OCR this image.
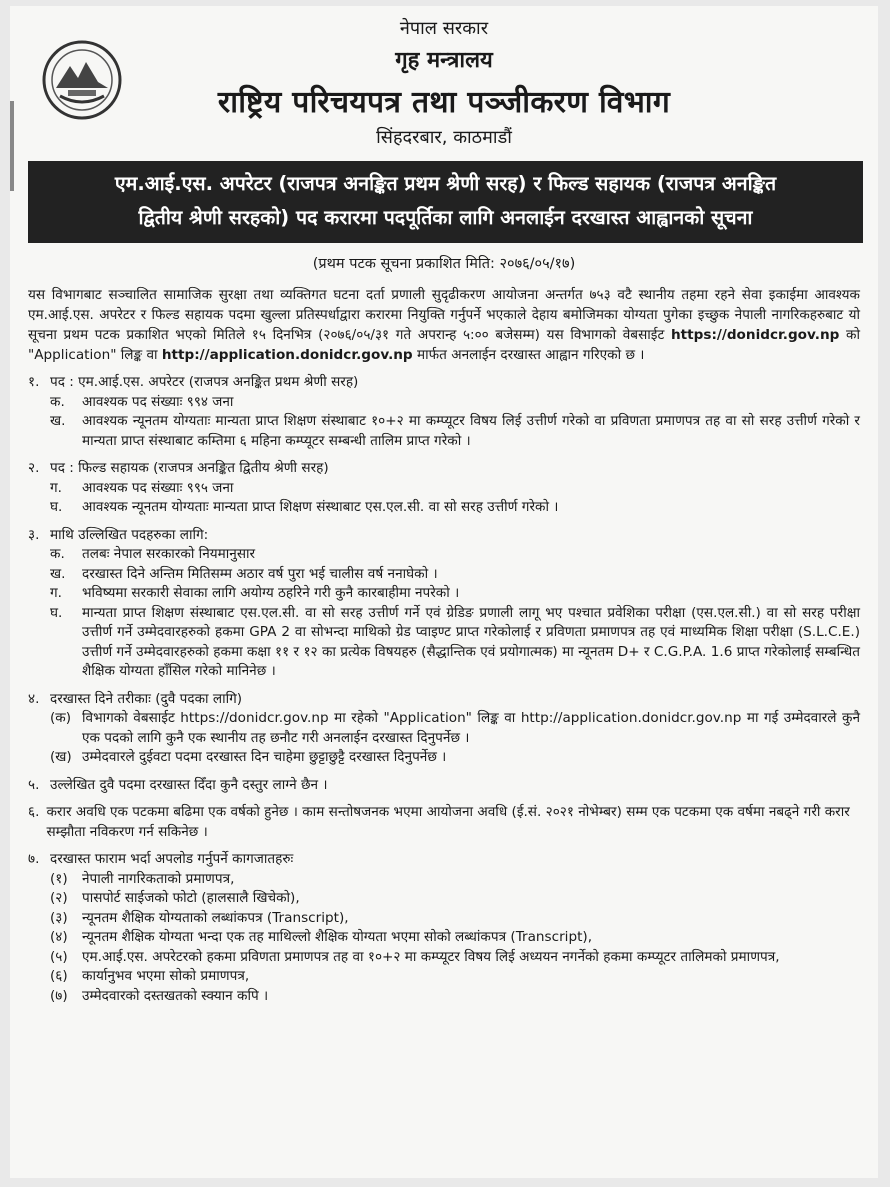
नेपाल सरकार
गृह मन्त्रालय
राष्ट्रिय परिचयपत्र तथा पञ्जीकरण विभाग
सिंहदरबार, काठमाडौं
एम.आई.एस. अपरेटर (राजपत्र अनङ्कित प्रथम श्रेणी सरह) र फिल्ड सहायक (राजपत्र अनङ्कित
द्वितीय श्रेणी सरहको) पद करारमा पदपूर्तिका लागि अनलाईन दरखास्त आह्वानको सूचना
(प्रथम पटक सूचना प्रकाशित मिति: २०७६/०५/१७)
यस विभागबाट सञ्चालित सामाजिक सुरक्षा तथा व्यक्तिगत घटना दर्ता प्रणाली सुदृढीकरण आयोजना अन्तर्गत ७५३ वटै स्थानीय तहमा रहने सेवा इकाईमा आवश्यक एम.आई.एस. अपरेटर र फिल्ड सहायक पदमा खुल्ला प्रतिस्पर्धाद्वारा करारमा नियुक्ति गर्नुपर्ने भएकाले देहाय बमोजिमका योग्यता पुगेका इच्छुक नेपाली नागरिकहरुबाट यो सूचना प्रथम पटक प्रकाशित भएको मितिले १५ दिनभित्र (२०७६/०५/३१ गते अपरान्ह ५:०० बजेसम्म) यस विभागको वेबसाईट https://donidcr.gov.np को "Application" लिङ्क वा http://application.donidcr.gov.np मार्फत अनलाईन दरखास्त आह्वान गरिएको छ ।
१. पद : एम.आई.एस. अपरेटर (राजपत्र अनङ्कित प्रथम श्रेणी सरह)
क.	आवश्यक पद संख्याः ९९४ जना
ख.	आवश्यक न्यूनतम योग्यताः मान्यता प्राप्त शिक्षण संस्थाबाट १०+२ मा कम्प्यूटर विषय लिई उत्तीर्ण गरेको वा प्रविणता प्रमाणपत्र तह वा सो सरह उत्तीर्ण गरेको र मान्यता प्राप्त संस्थाबाट कम्तिमा ६ महिना कम्प्यूटर सम्बन्धी तालिम प्राप्त गरेको ।
२. पद : फिल्ड सहायक (राजपत्र अनङ्कित द्वितीय श्रेणी सरह)
ग.	आवश्यक पद संख्याः ९९५ जना
घ.	आवश्यक न्यूनतम योग्यताः मान्यता प्राप्त शिक्षण संस्थाबाट एस.एल.सी. वा सो सरह उत्तीर्ण गरेको ।
३. माथि उल्लिखित पदहरुका लागि:
क.	तलबः नेपाल सरकारको नियमानुसार
ख.	दरखास्त दिने अन्तिम मितिसम्म अठार वर्ष पुरा भई चालीस वर्ष ननाघेको ।
ग.	भविष्यमा सरकारी सेवाका लागि अयोग्य ठहरिने गरी कुनै कारबाहीमा नपरेको ।
घ.	मान्यता प्राप्त शिक्षण संस्थाबाट एस.एल.सी. वा सो सरह उत्तीर्ण गर्ने एवं ग्रेडिङ प्रणाली लागू भए पश्चात प्रवेशिका परीक्षा (एस.एल.सी.) वा सो सरह परीक्षा उत्तीर्ण गर्ने उम्मेदवारहरुको हकमा GPA 2 वा सोभन्दा माथिको ग्रेड प्वाइण्ट प्राप्त गरेकोलाई र प्रविणता प्रमाणपत्र तह एवं माध्यमिक शिक्षा परीक्षा (S.L.C.E.) उत्तीर्ण गर्ने उम्मेदवारहरुको हकमा कक्षा ११ र १२ का प्रत्येक विषयहरु (सैद्धान्तिक एवं प्रयोगात्मक) मा न्यूनतम D+ र C.G.P.A. 1.6 प्राप्त गरेकोलाई सम्बन्धित शैक्षिक योग्यता हाँसिल गरेको मानिनेछ ।
४. दरखास्त दिने तरीकाः (दुवै पदका लागि)
(क) विभागको वेबसाईट https://donidcr.gov.np मा रहेको "Application" लिङ्क वा http://application.donidcr.gov.np मा गई उम्मेदवारले कुनै एक पदको लागि कुनै एक स्थानीय तह छनौट गरी अनलाईन दरखास्त दिनुपर्नेछ ।
(ख) उम्मेदवारले दुईवटा पदमा दरखास्त दिन चाहेमा छुट्टाछुट्टै दरखास्त दिनुपर्नेछ ।
५. उल्लेखित दुवै पदमा दरखास्त दिँदा कुनै दस्तुर लाग्ने छैन ।
६. करार अवधि एक पटकमा बढिमा एक वर्षको हुनेछ । काम सन्तोषजनक भएमा आयोजना अवधि (ई.सं. २०२१ नोभेम्बर) सम्म एक पटकमा एक वर्षमा नबढ्ने गरी करार सम्झौता नविकरण गर्न सकिनेछ ।
७. दरखास्त फाराम भर्दा अपलोड गर्नुपर्ने कागजातहरुः
(१)	नेपाली नागरिकताको प्रमाणपत्र,
(२)	पासपोर्ट साईजको फोटो (हालसालै खिचेको),
(३)	न्यूनतम शैक्षिक योग्यताको लब्धांकपत्र (Transcript),
(४)	न्यूनतम शैक्षिक योग्यता भन्दा एक तह माथिल्लो शैक्षिक योग्यता भएमा सोको लब्धांकपत्र (Transcript),
(५)	एम.आई.एस. अपरेटरको हकमा प्रविणता प्रमाणपत्र तह वा १०+२ मा कम्प्यूटर विषय लिई अध्ययन नगर्नेको हकमा कम्प्यूटर तालिमको प्रमाणपत्र,
(६)	कार्यानुभव भएमा सोको प्रमाणपत्र,
(७)	उम्मेदवारको दस्तखतको स्क्यान कपि ।
